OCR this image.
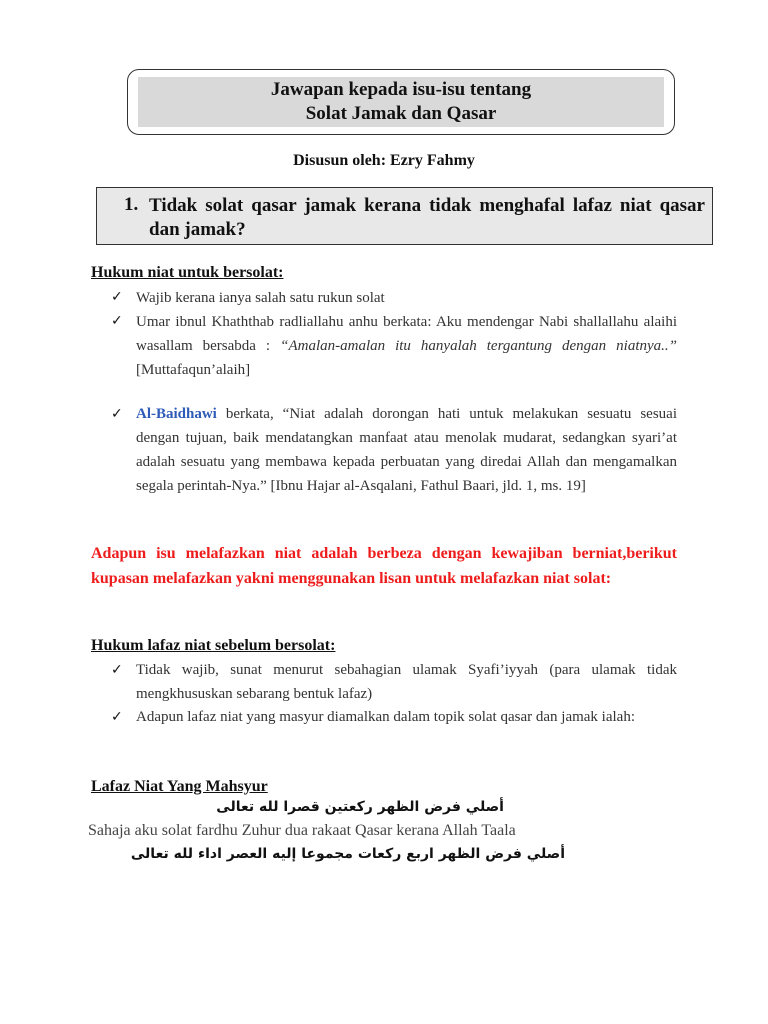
Jawapan kepada isu-isu tentang
Solat Jamak dan Qasar
Disusun oleh: Ezry Fahmy
1. Tidak solat qasar jamak kerana tidak menghafal lafaz niat qasar dan jamak?
Hukum niat untuk bersolat:
✓ Wajib kerana ianya salah satu rukun solat
✓ Umar ibnul Khaththab radliallahu anhu berkata: Aku mendengar Nabi shallallahu alaihi wasallam bersabda : “Amalan-amalan itu hanyalah tergantung dengan niatnya..” [Muttafaqun’alaih]
✓ Al-Baidhawi berkata, “Niat adalah dorongan hati untuk melakukan sesuatu sesuai dengan tujuan, baik mendatangkan manfaat atau menolak mudarat, sedangkan syari’at adalah sesuatu yang membawa kepada perbuatan yang diredai Allah dan mengamalkan segala perintah-Nya.” [Ibnu Hajar al-Asqalani, Fathul Baari, jld. 1, ms. 19]
Adapun isu melafazkan niat adalah berbeza dengan kewajiban berniat,berikut kupasan melafazkan yakni menggunakan lisan untuk melafazkan niat solat:
Hukum lafaz niat sebelum bersolat:
✓ Tidak wajib, sunat menurut sebahagian ulamak Syafi’iyyah (para ulamak tidak mengkhususkan sebarang bentuk lafaz)
✓ Adapun lafaz niat yang masyur diamalkan dalam topik solat qasar dan jamak ialah:
Lafaz Niat Yang Mahsyur
أصلي فرض الظهر ركعتين قصرا لله تعالى
Sahaja aku solat fardhu Zuhur dua rakaat Qasar kerana Allah Taala
أصلي فرض الظهر اربع ركعات مجموعا إليه العصر اداء لله تعالى
